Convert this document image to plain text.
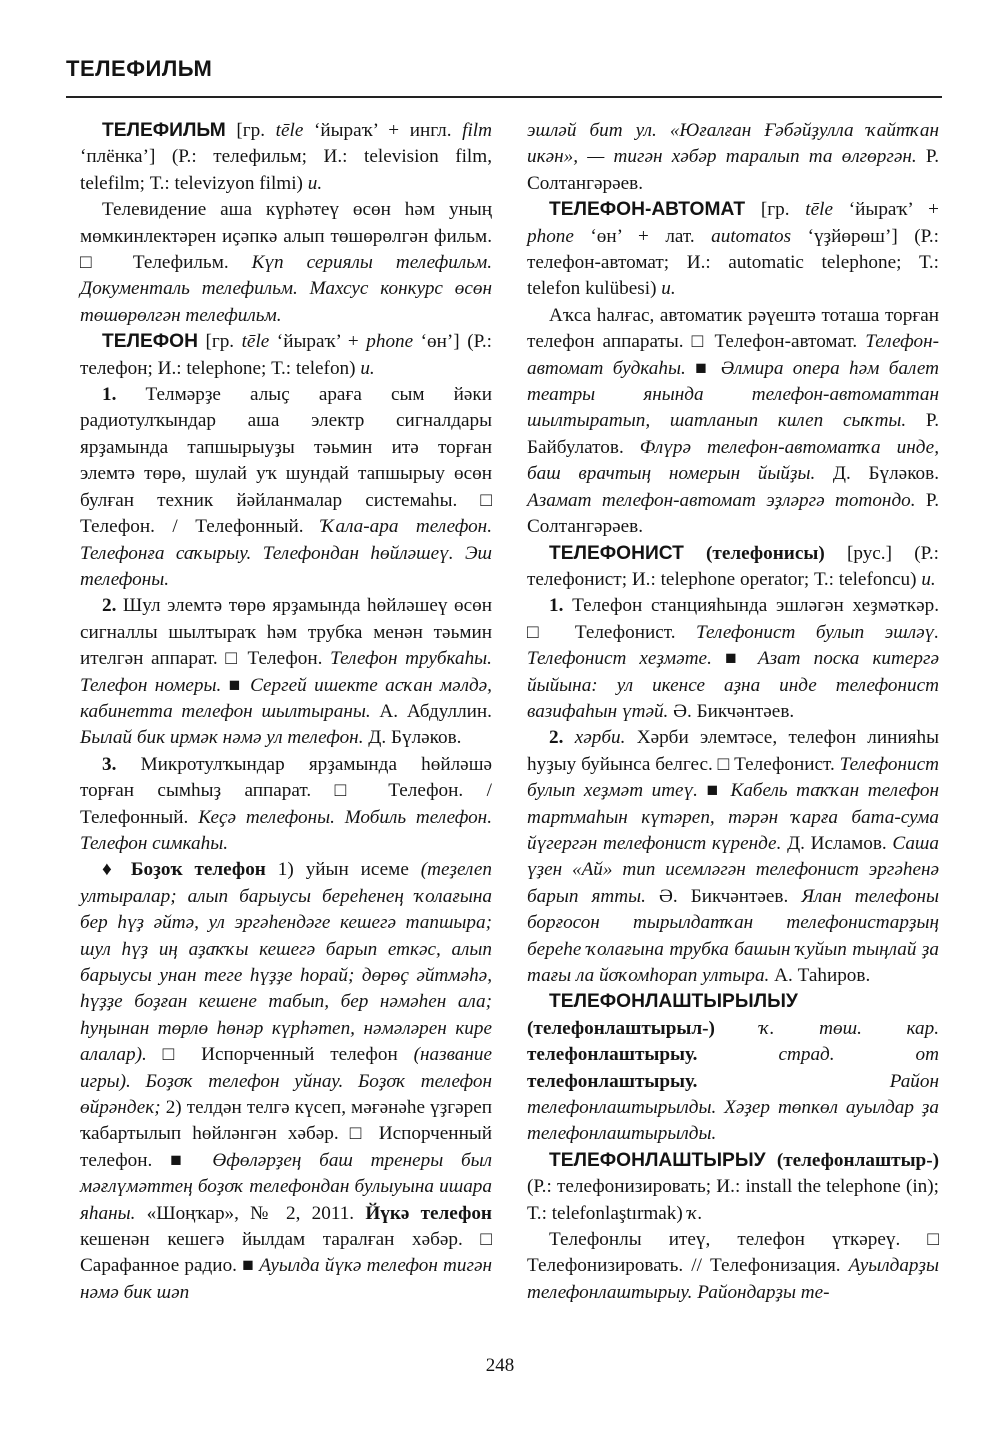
ТЕЛЕФИЛЬМ

ТЕЛЕФИЛЬМ [гр. tēle ‘йыраҡ’ + ингл. film ‘плёнка’] (Р.: телефильм; И.: television film, telefilm; Т.: televizyon filmi) и.

Телевидение аша күрһәтеү өсөн һәм уның мөмкинлектәрен иҫәпкә алып төшөрөлгән фильм. □ Телефильм. Күп сериялы телефильм. Документаль телефильм. Махсус конкурс өсөн төшөрөлгән телефильм.

ТЕЛЕФОН [гр. tēle ‘йыраҡ’ + phone ‘өн’] (Р.: телефон; И.: telephone; Т.: telefon) и.

1. Телмәрҙе алыҫ араға сым йәки радиотулҡындар аша электр сигналдары ярҙамында тапшырыуҙы тәьмин итә торған элемтә төрө, шулай уҡ шундай тапшырыу өсөн булған техник йәйланмалар системаһы. □ Телефон. / Телефонный. Ҡала-ара телефон. Телефонға саҡырыу. Телефондан һөйләшеү. Эш телефоны.

2. Шул элемтә төрө ярҙамында һөйләшеү өсөн сигналлы шылтыраҡ һәм трубка менән тәьмин ителгән аппарат. □ Телефон. Телефон трубкаһы. Телефон номеры. ■ Сергей ишекте асҡан мәлдә, кабинетта телефон шылтыраны. А. Абдуллин. Былай бик ирмәк нәмә ул телефон. Д. Бүләков.

3. Микротулҡындар ярҙамында һөйләшә торған сымһыҙ аппарат. □ Телефон. / Телефонный. Кеҫә телефоны. Мобиль телефон. Телефон симкаһы.

♦ Боҙоҡ телефон 1) уйын исеме (теҙелеп ултыралар; алып барыусы береһенең ҡолағына бер һүҙ әйтә, ул эргәһендәге кешегә тапшыра; шул һүҙ иң аҙаҡҡы кешегә барып еткәс, алып барыусы унан теге һүҙҙе һорай; дөрөҫ әйтмәһә, һүҙҙе боҙған кешене табып, бер нәмәһен ала; һуңынан төрлө һөнәр күрһәтеп, нәмәләрен кире алалар). □ Испорченный телефон (название игры). Боҙоҡ телефон уйнау. Боҙоҡ телефон өйрәндек; 2) телдән телгә күсеп, мәғәнәһе үҙгәреп ҡабартылып һөйләнгән хәбәр. □ Испорченный телефон. ■ Өфөләрҙең баш тренеры был мәғлүмәттең боҙоҡ телефондан булыуына ишара яһаны. «Шоңҡар», № 2, 2011. Йүкә телефон кешенән кешегә йылдам таралған хәбәр. □ Сарафанное радио. ■ Ауылда йүкә телефон тигән нәмә бик шәп

эшләй бит ул. «Юғалған Ғәбәйҙулла ҡайтҡан икән», — тигән хәбәр таралып та өлгөргән. Р. Солтангәрәев.

ТЕЛЕФОН-АВТОМАТ [гр. tēle ‘йыраҡ’ + phone ‘өн’ + лат. automatos ‘үҙйөрөш’] (Р.: телефон-автомат; И.: automatic telephone; Т.: telefon kulübesi) и.

Аҡса һалғас, автоматик рәүештә тоташа торған телефон аппараты. □ Телефон-автомат. Телефон-автомат будкаһы. ■ Әлмира опера һәм балет театры янында телефон-автоматтан шылтыратып, шатланып килеп сыҡты. Р. Байбулатов. Флүрә телефон-автоматҡа инде, баш врачтың номерын йыйҙы. Д. Бүләков. Азамат телефон-автомат эҙләргә тотондо. Р. Солтангәрәев.

ТЕЛЕФОНИСТ (телефонисы) [рус.] (Р.: телефонист; И.: telephone operator; Т.: telefoncu) и.

1. Телефон станцияһында эшләгән хеҙмәткәр. □ Телефонист. Телефонист булып эшләү. Телефонист хеҙмәте. ■ Азат поска китергә йыйына: ул икенсе аҙна инде телефонист вазифаһын үтәй. Ә. Бикчәнтәев.

2. хәрби. Хәрби элемтәсе, телефон линияһы һуҙыу буйынса белгес. □ Телефонист. Телефонист булып хеҙмәт итеү. ■ Кабель таҡҡан телефон тартмаһын күтәреп, тәрән ҡарға бата-сума йүгергән телефонист күренде. Д. Исламов. Саша үҙен «Ай» тип исемләгән телефонист эргәһенә барып ятты. Ә. Бикчәнтәев. Ялан телефоны борғосон тырылдатҡан телефонистарҙың береһе ҡолағына трубка башын ҡуйып тыңлай ҙа тағы ла йоҡомһорап ултыра. А. Таһиров.

ТЕЛЕФОНЛАШТЫРЫЛЫУ (телефонлаштырыл-) ҡ. төш. кар. телефонлаштырыу.	страд. от телефонлаштырыу.	Район телефонлаштырылды. Хәҙер төпкөл ауылдар ҙа телефонлаштырылды.

ТЕЛЕФОНЛАШТЫРЫУ (телефонлаштыр-) (Р.: телефонизировать; И.: install the telephone (in); Т.: telefonlaştırmak) ҡ.

Телефонлы итеү, телефон үткәреү. □ Телефонизировать. // Телефонизация. Ауылдарҙы телефонлаштырыу. Райондарҙы те-

248
